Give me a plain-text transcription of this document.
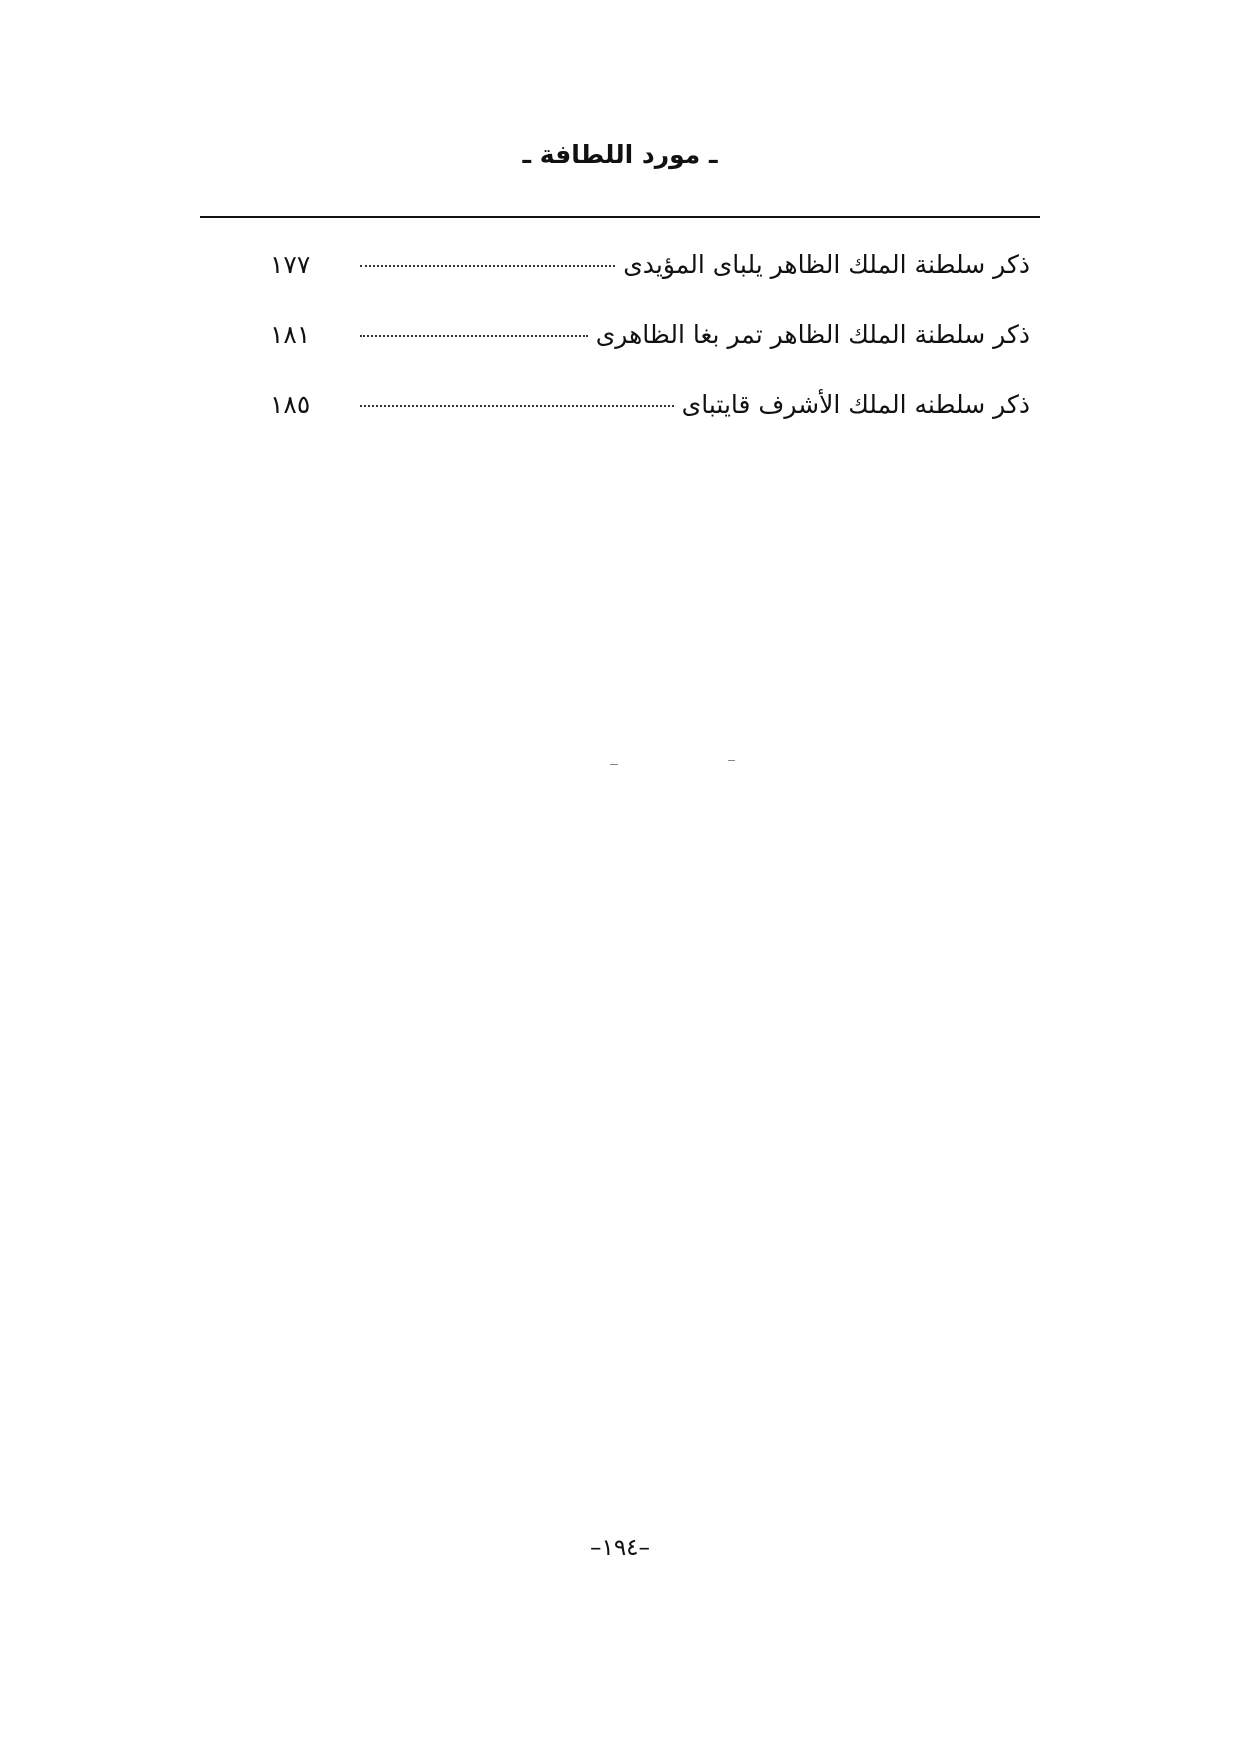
ـ مورد اللطافة ـ
ذكر سلطنة الملك الظاهر يلباى المؤيدى
١٧٧
ذكر سلطنة الملك الظاهر تمر بغا الظاهرى
١٨١
ذكر سلطنه الملك الأشرف قايتباى
١٨٥
–١٩٤–
